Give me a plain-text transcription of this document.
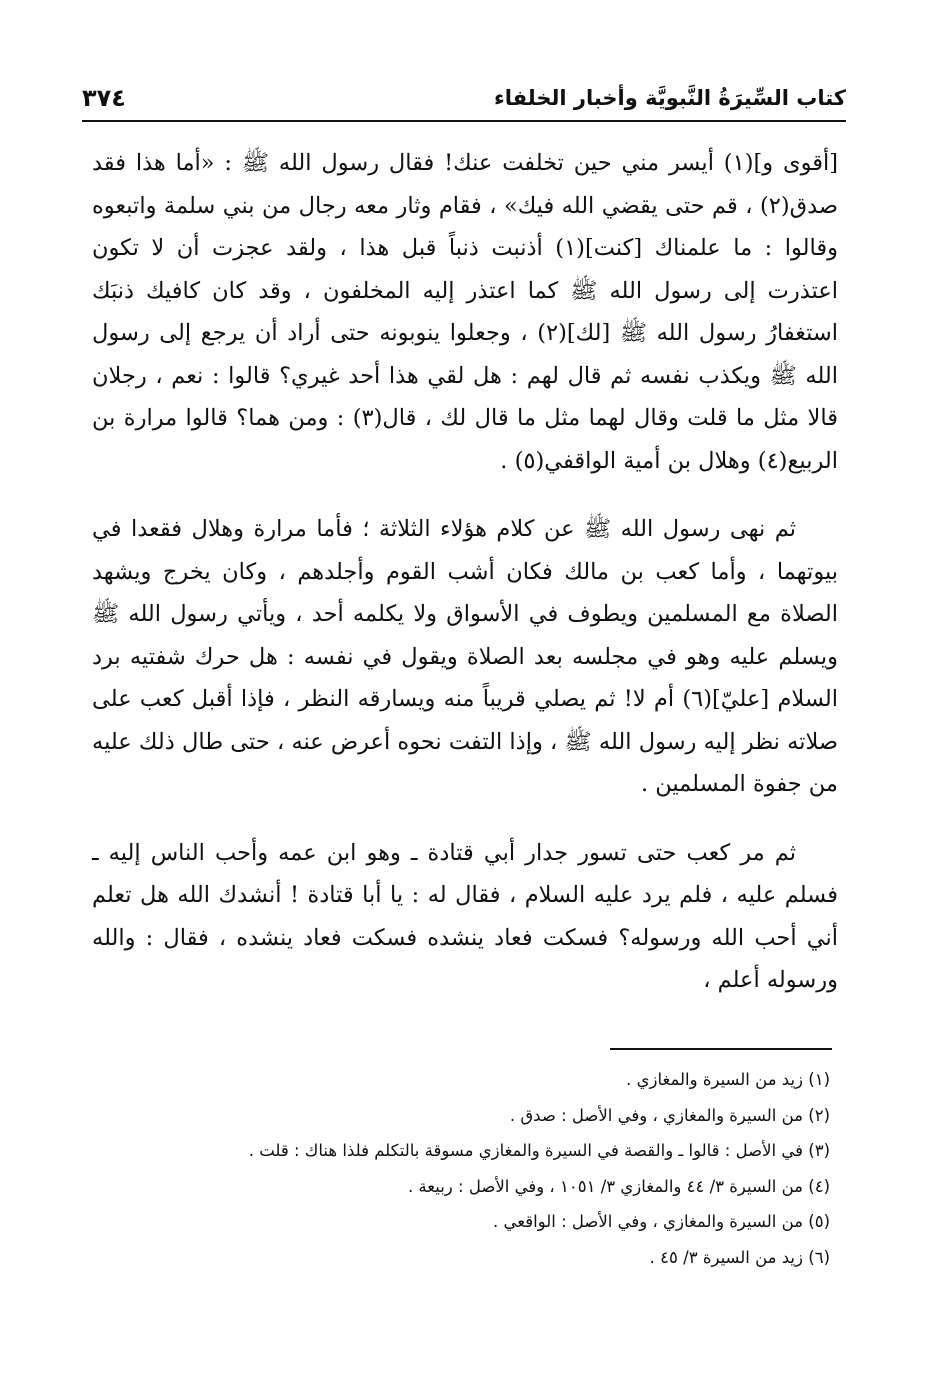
كتاب السِّيرَةُ النَّبويَّة وأخبار الخلفاء
٣٧٤

[أقوى و](١) أيسر مني حين تخلفت عنك! فقال رسول الله ﷺ : «أما هذا فقد صدق(٢) ، قم حتى يقضي الله فيك» ، فقام وثار معه رجال من بني سلمة واتبعوه وقالوا : ما علمناك [كنت](١) أذنبت ذنباً قبل هذا ، ولقد عجزت أن لا تكون اعتذرت إلى رسول الله ﷺ كما اعتذر إليه المخلفون ، وقد كان كافيك ذنبَك استغفارُ رسول الله ﷺ [لك](٢) ، وجعلوا ينوبونه حتى أراد أن يرجع إلى رسول الله ﷺ ويكذب نفسه ثم قال لهم : هل لقي هذا أحد غيري؟ قالوا : نعم ، رجلان قالا مثل ما قلت وقال لهما مثل ما قال لك ، قال(٣) : ومن هما؟ قالوا مرارة بن الربيع(٤) وهلال بن أمية الواقفي(٥) .

ثم نهى رسول الله ﷺ عن كلام هؤلاء الثلاثة ؛ فأما مرارة وهلال فقعدا في بيوتهما ، وأما كعب بن مالك فكان أشب القوم وأجلدهم ، وكان يخرج ويشهد الصلاة مع المسلمين ويطوف في الأسواق ولا يكلمه أحد ، ويأتي رسول الله ﷺ ويسلم عليه وهو في مجلسه بعد الصلاة ويقول في نفسه : هل حرك شفتيه برد السلام [عليّ](٦) أم لا! ثم يصلي قريباً منه ويسارقه النظر ، فإذا أقبل كعب على صلاته نظر إليه رسول الله ﷺ ، وإذا التفت نحوه أعرض عنه ، حتى طال ذلك عليه من جفوة المسلمين .

ثم مر كعب حتى تسور جدار أبي قتادة ـ وهو ابن عمه وأحب الناس إليه ـ فسلم عليه ، فلم يرد عليه السلام ، فقال له : يا أبا قتادة ! أنشدك الله هل تعلم أني أحب الله ورسوله؟ فسكت فعاد ينشده فسكت فعاد ينشده ، فقال : والله ورسوله أعلم ،

(١) زيد من السيرة والمغازي .
(٢) من السيرة والمغازي ، وفي الأصل : صدق .
(٣) في الأصل : قالوا ـ والقصة في السيرة والمغازي مسوقة بالتكلم فلذا هناك : قلت .
(٤) من السيرة ٣/ ٤٤ والمغازي ٣/ ١٠٥١ ، وفي الأصل : ربيعة .
(٥) من السيرة والمغازي ، وفي الأصل : الواقعي .
(٦) زيد من السيرة ٣/ ٤٥ .
